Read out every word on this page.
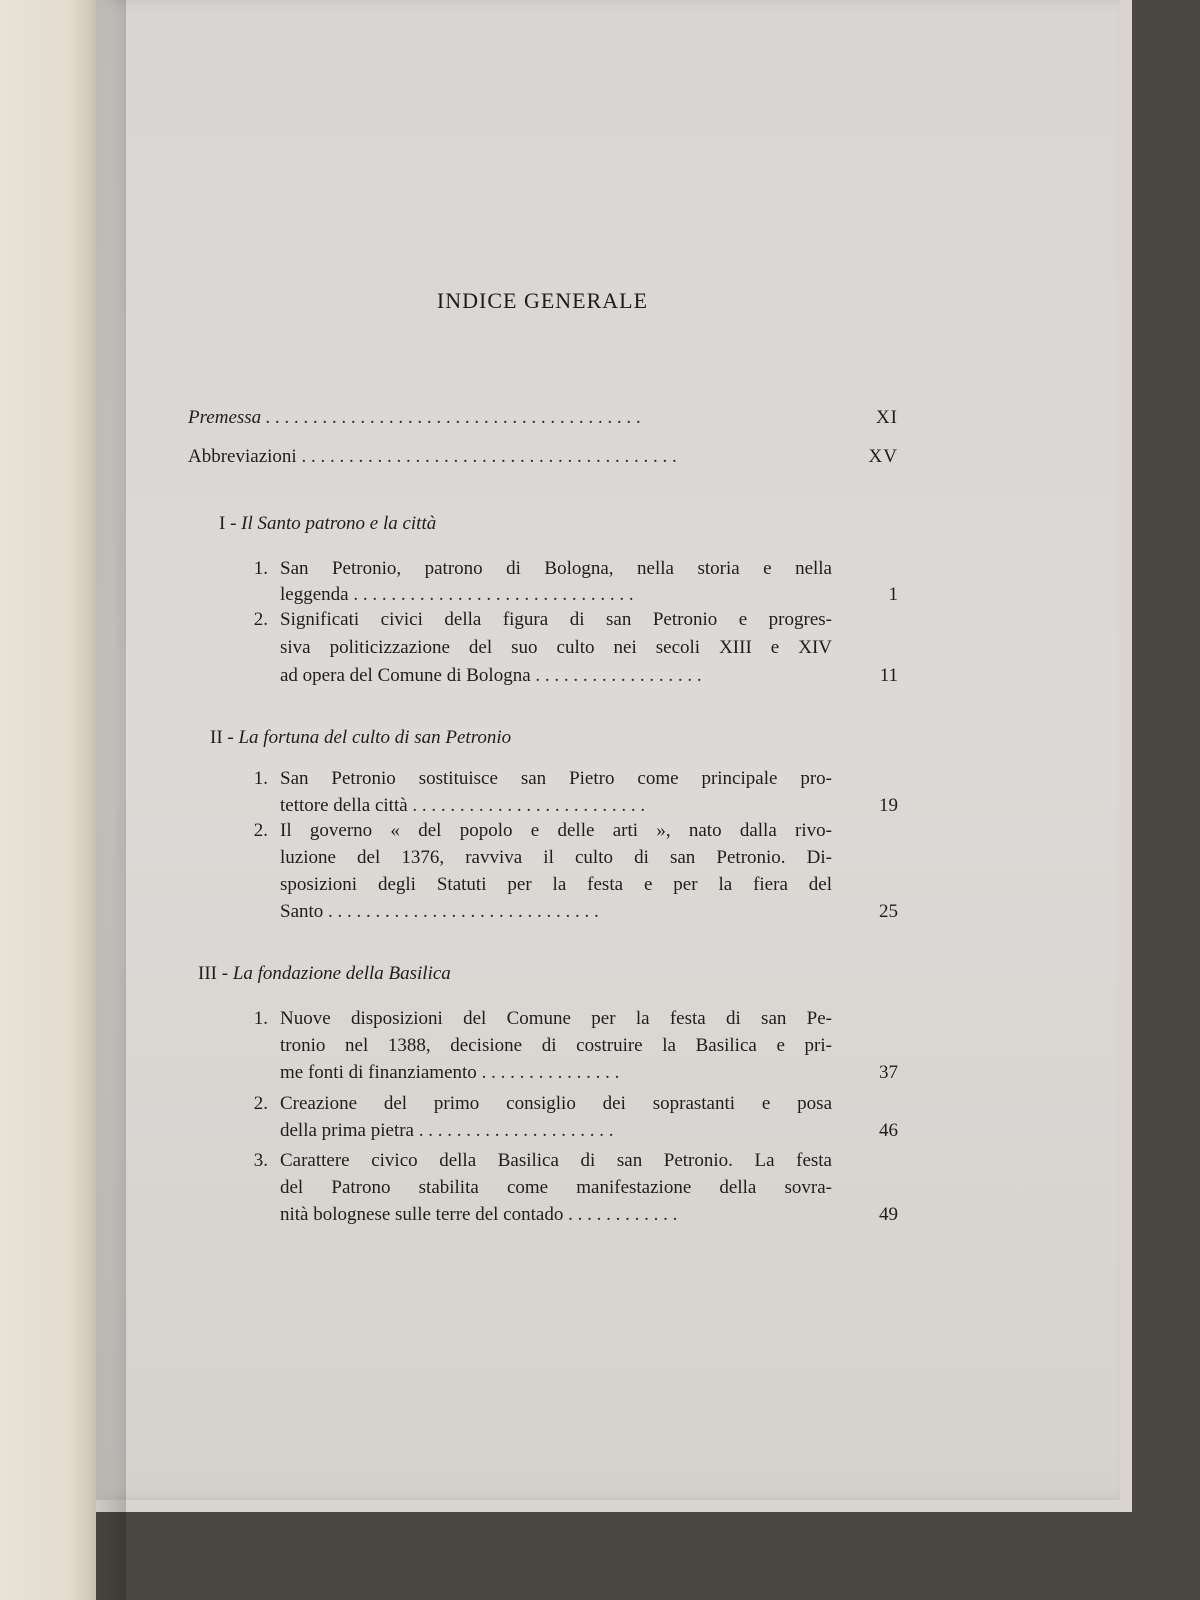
INDICE GENERALE
Premessa . . . . . . . . . . . . . . . . . . . . . . . . . . . . . . . . . . . . . . . .	XI
Abbreviazioni . . . . . . . . . . . . . . . . . . . . . . . . . . . . . . . . . . . . . . . .	XV
I - Il Santo patrono e la città
1. San Petronio, patrono di Bologna, nella storia e nella
leggenda . . . . . . . . . . . . . . . . . . . . . . . . . . . . . .	1
2. Significati civici della figura di san Petronio e progres-
siva politicizzazione del suo culto nei secoli XIII e XIV
ad opera del Comune di Bologna . . . . . . . . . . . . . . . . . .	11
II - La fortuna del culto di san Petronio
1. San Petronio sostituisce san Pietro come principale pro-
tettore della città . . . . . . . . . . . . . . . . . . . . . . . . .	19
2. Il governo « del popolo e delle arti », nato dalla rivo-
luzione del 1376, ravviva il culto di san Petronio. Di-
sposizioni degli Statuti per la festa e per la fiera del
Santo . . . . . . . . . . . . . . . . . . . . . . . . . . . . .	25
III - La fondazione della Basilica
1. Nuove disposizioni del Comune per la festa di san Pe-
tronio nel 1388, decisione di costruire la Basilica e pri-
me fonti di finanziamento . . . . . . . . . . . . . . .	37
2. Creazione del primo consiglio dei soprastanti e posa
della prima pietra . . . . . . . . . . . . . . . . . . . . .	46
3. Carattere civico della Basilica di san Petronio. La festa
del Patrono stabilita come manifestazione della sovra-
nità bolognese sulle terre del contado . . . . . . . . . . . .	49
